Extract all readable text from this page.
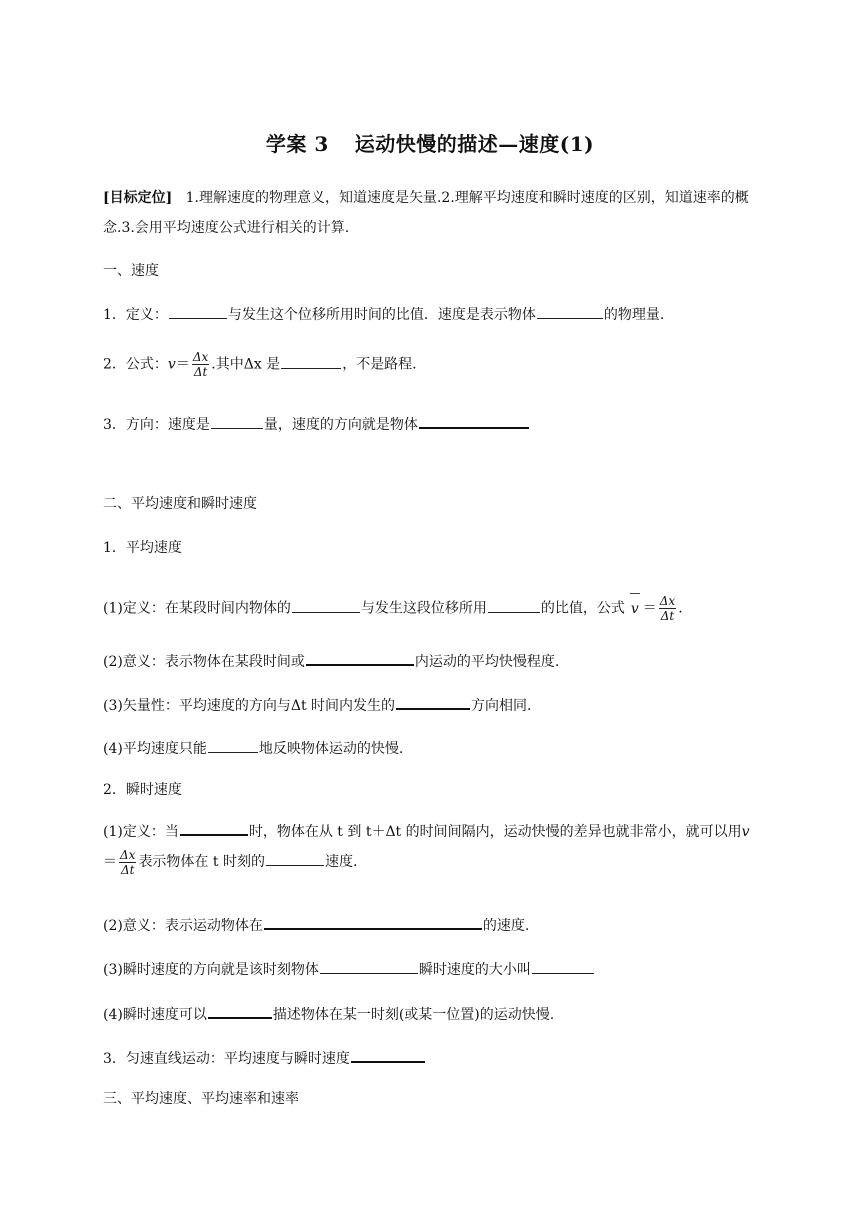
学案 3 运动快慢的描述—速度(1)
[目标定位] 1.理解速度的物理意义，知道速度是矢量.2.理解平均速度和瞬时速度的区别，知道速率的概念.3.会用平均速度公式进行相关的计算.
一、速度
1．定义：	与发生这个位移所用时间的比值．速度是表示物体	的物理量.
2．公式：$v= \frac{\Delta x}{\Delta t}$ .其中Δx 是	，不是路程.
3．方向：速度是	量，速度的方向就是物体
二、平均速度和瞬时速度
1．平均速度
(1)定义：在某段时间内物体的	与发生这段位移所用	的比值，公式 $v = \frac{\Delta x}{\Delta t}$ .
(2)意义：表示物体在某段时间或	内运动的平均快慢程度.
(3)矢量性：平均速度的方向与Δt 时间内发生的	方向相同.
(4)平均速度只能	地反映物体运动的快慢.
2．瞬时速度
(1)定义：当	时，物体在从 t 到 t＋Δt 的时间间隔内，运动快慢的差异也就非常小，就可以用$v= \frac{\Delta x}{\Delta t}$ 表示物体在 t 时刻的	速度.
(2)意义：表示运动物体在	的速度.
(3)瞬时速度的方向就是该时刻物体	瞬时速度的大小叫
(4)瞬时速度可以	描述物体在某一时刻(或某一位置)的运动快慢.
3．匀速直线运动：平均速度与瞬时速度
三、平均速度、平均速率和速率
